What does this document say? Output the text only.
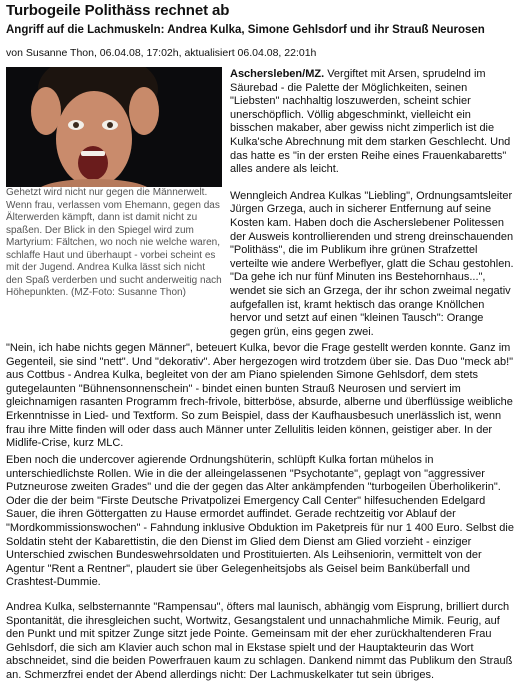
Turbogeile Polithäss rechnet ab
Angriff auf die Lachmuskeln: Andrea Kulka, Simone Gehlsdorf und ihr Strauß Neurosen
von Susanne Thon, 06.04.08, 17:02h, aktualisiert 06.04.08, 22:01h
Gehetzt wird nicht nur gegen die Männerwelt. Wenn frau, verlassen vom Ehemann, gegen das Älterwerden kämpft, dann ist damit nicht zu spaßen. Der Blick in den Spiegel wird zum Martyrium: Fältchen, wo noch nie welche waren, schlaffe Haut und überhaupt - vorbei scheint es mit der Jugend. Andrea Kulka lässt sich nicht den Spaß verderben und sucht anderweitig nach Höhepunkten. (MZ-Foto: Susanne Thon)

Aschersleben/MZ. Vergiftet mit Arsen, sprudelnd im Säurebad - die Palette der Möglichkeiten, seinen "Liebsten" nachhaltig loszuwerden, scheint schier unerschöpflich. Völlig abgeschminkt, vielleicht ein bisschen makaber, aber gewiss nicht zimperlich ist die Kulka'sche Abrechnung mit dem starken Geschlecht. Und das hatte es "in der ersten Reihe eines Frauenkabaretts" alles andere als leicht.

Wenngleich Andrea Kulkas "Liebling", Ordnungsamtsleiter Jürgen Grzega, auch in sicherer Entfernung auf seine Kosten kam. Haben doch die Ascherslebener Politessen der Ausweis kontrollierenden und streng dreinschauenden "Polithäss", die im Publikum ihre grünen Strafzettel verteilte wie andere Werbeflyer, glatt die Schau gestohlen. "Da gehe ich nur fünf Minuten ins Bestehornhaus...", wendet sie sich an Grzega, der ihr schon zweimal negativ aufgefallen ist, kramt hektisch das orange Knöllchen hervor und setzt auf einen "kleinen Tausch": Orange gegen grün, eins gegen zwei.

"Nein, ich habe nichts gegen Männer", beteuert Kulka, bevor die Frage gestellt werden konnte. Ganz im Gegenteil, sie sind "nett". Und "dekorativ". Aber hergezogen wird trotzdem über sie. Das Duo "meck ab!" aus Cottbus - Andrea Kulka, begleitet von der am Piano spielenden Simone Gehlsdorf, dem stets gutegelaunten "Bühnensonnenschein" - bindet einen bunten Strauß Neurosen und serviert im gleichnamigen rasanten Programm frech-frivole, bitterböse, absurde, alberne und überflüssige weibliche Erkenntnisse in Lied- und Textform. So zum Beispiel, dass der Kaufhausbesuch unerlässlich ist, wenn frau ihre Mitte finden will oder dass auch Männer unter Zellulitis leiden können, geistiger aber. In der Midlife-Crise, kurz MLC.

Eben noch die undercover agierende Ordnungshüterin, schlüpft Kulka fortan mühelos in unterschiedlichste Rollen. Wie in die der alleingelassenen "Psychotante", geplagt von "aggressiver Putzneurose zweiten Grades" und die der gegen das Alter ankämpfenden "turbogeilen Überholikerin". Oder die der beim "Firste Deutsche Privatpolizei Emergency Call Center" hilfesuchenden Edelgard Sauer, die ihren Göttergatten zu Hause ermordet auffindet. Gerade rechtzeitig vor Ablauf der "Mordkommissionswochen" - Fahndung inklusive Obduktion im Paketpreis für nur 1 400 Euro. Selbst die Soldatin steht der Kabarettistin, die den Dienst im Glied dem Dienst am Glied vorzieht - einziger Unterschied zwischen Bundeswehrsoldaten und Prostituierten. Als Leihseniorin, vermittelt von der Agentur "Rent a Rentner", plaudert sie über Gelegenheitsjobs als Geisel beim Banküberfall und Crashtest-Dummie.

Andrea Kulka, selbsternannte "Rampensau", öfters mal launisch, abhängig vom Eisprung, brilliert durch Spontanität, die ihresgleichen sucht, Wortwitz, Gesangstalent und unnachahmliche Mimik. Feurig, auf den Punkt und mit spitzer Zunge sitzt jede Pointe. Gemeinsam mit der eher zurückhaltenderen Frau Gehlsdorf, die sich am Klavier auch schon mal in Ekstase spielt und der Hauptakteurin das Wort abschneidet, sind die beiden Powerfrauen kaum zu schlagen. Dankend nimmt das Publikum den Strauß an. Schmerzfrei endet der Abend allerdings nicht: Der Lachmuskelkater tut sein übriges.
